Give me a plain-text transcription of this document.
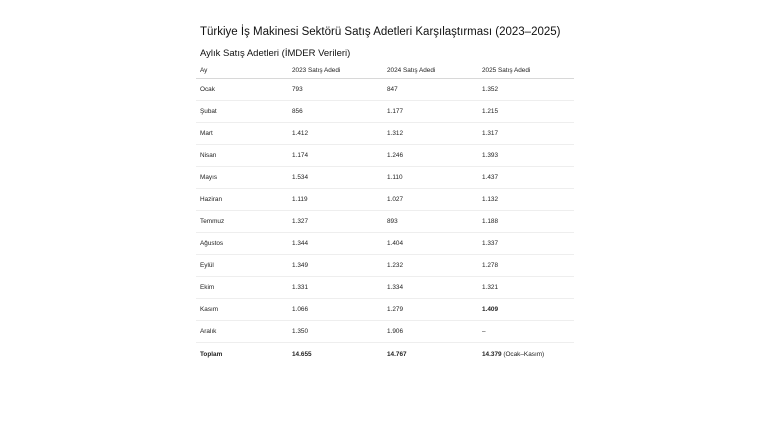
Türkiye İş Makinesi Sektörü Satış Adetleri Karşılaştırması (2023–2025)
Aylık Satış Adetleri (İMDER Verileri)
Ay	2023 Satış Adedi	2024 Satış Adedi	2025 Satış Adedi
Ocak	793	847	1.352
Şubat	856	1.177	1.215
Mart	1.412	1.312	1.317
Nisan	1.174	1.246	1.393
Mayıs	1.534	1.110	1.437
Haziran	1.119	1.027	1.132
Temmuz	1.327	893	1.188
Ağustos	1.344	1.404	1.337
Eylül	1.349	1.232	1.278
Ekim	1.331	1.334	1.321
Kasım	1.066	1.279	1.409
Aralık	1.350	1.906	–
Toplam	14.655	14.767	14.379 (Ocak–Kasım)
